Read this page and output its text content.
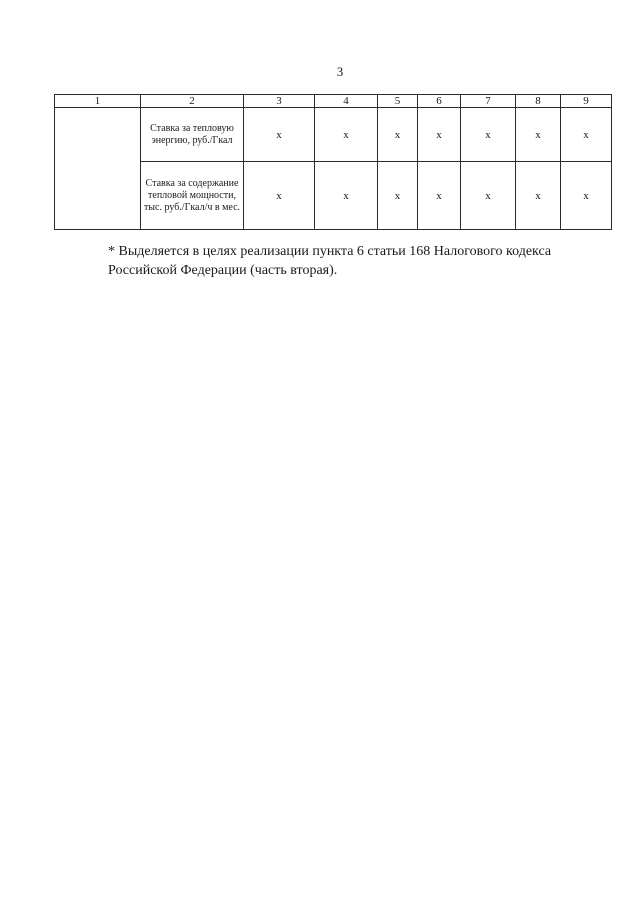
3
1	2	3	4	5	6	7	8	9
	Ставка за тепловую энергию, руб./Гкал	x	x	x	x	x	x	x
	Ставка за содержание тепловой мощности, тыс. руб./Гкал/ч в мес.	x	x	x	x	x	x	x
* Выделяется в целях реализации пункта 6 статьи 168 Налогового кодекса Российской Федерации (часть вторая).
